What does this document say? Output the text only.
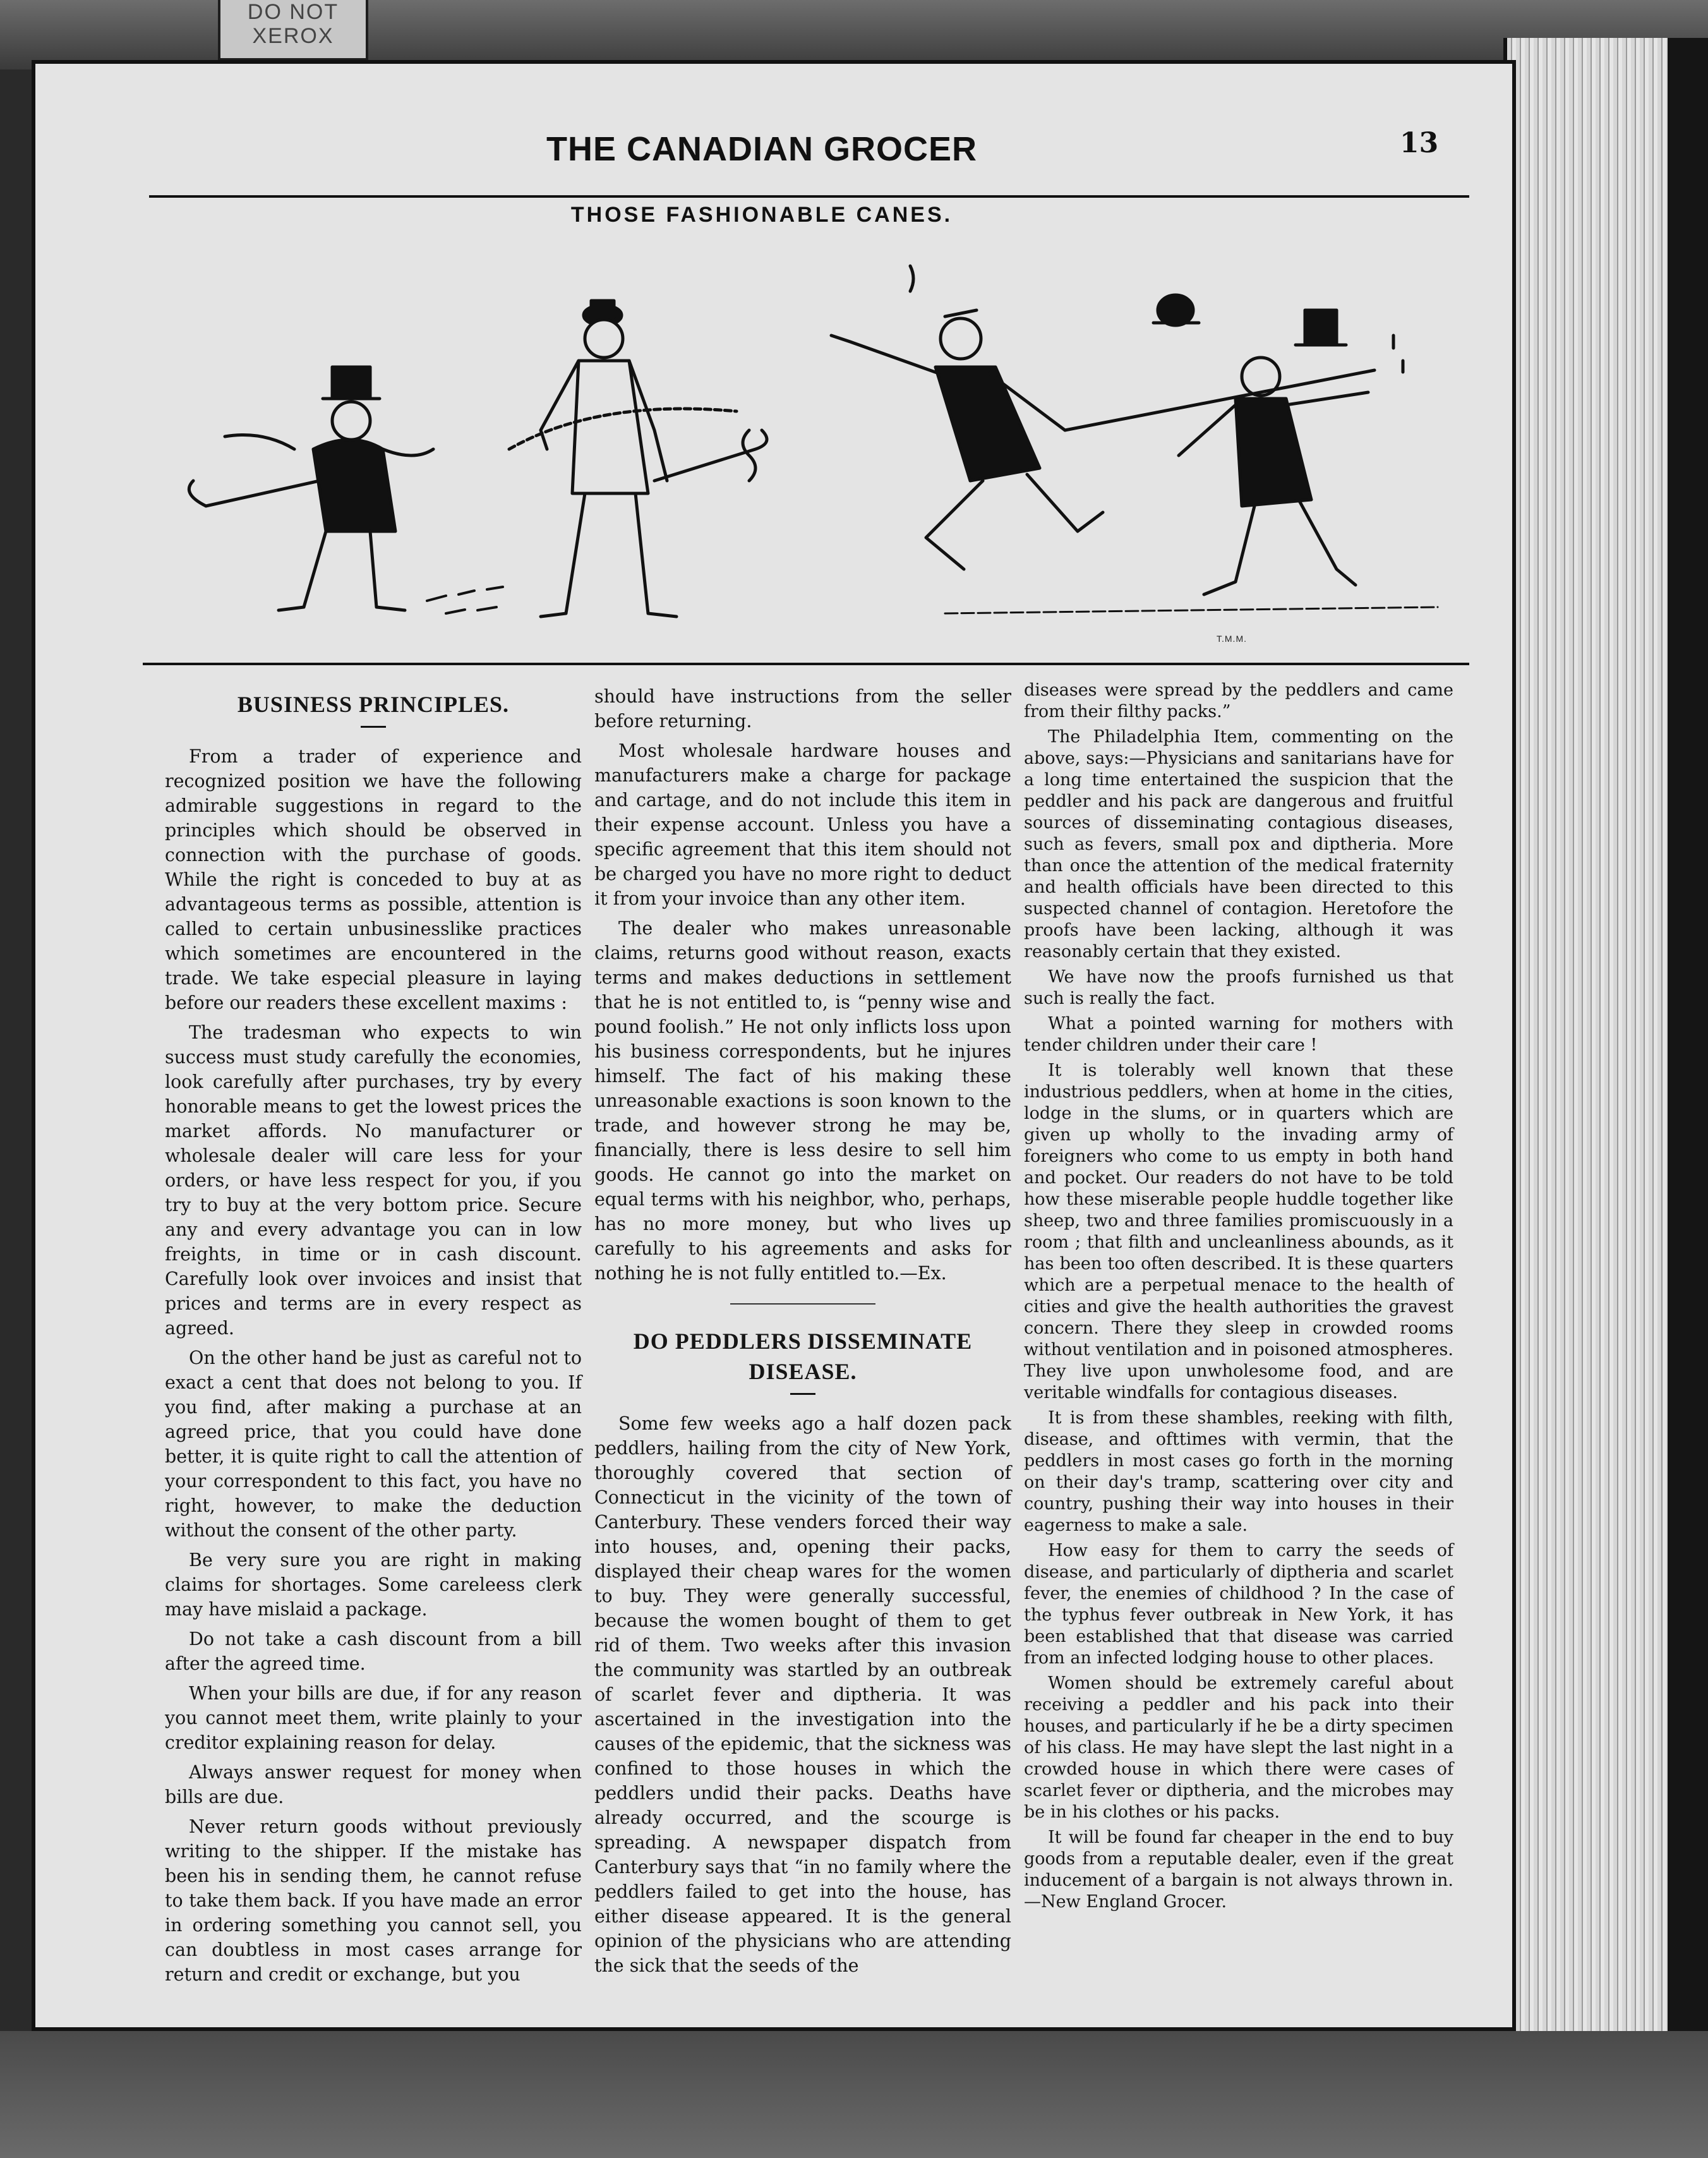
DO NOT
XEROX
THE CANADIAN GROCER	13
THOSE FASHIONABLE CANES.
T.M.M.
BUSINESS PRINCIPLES.

From a trader of experience and recognized position we have the following admirable suggestions in regard to the principles which should be observed in connection with the purchase of goods. While the right is conceded to buy at as advantageous terms as possible, attention is called to certain unbusinesslike practices which sometimes are encountered in the trade. We take especial pleasure in laying before our readers these excellent maxims :

The tradesman who expects to win success must study carefully the economies, look carefully after purchases, try by every honorable means to get the lowest prices the market affords. No manufacturer or wholesale dealer will care less for your orders, or have less respect for you, if you try to buy at the very bottom price. Secure any and every advantage you can in low freights, in time or in cash discount. Carefully look over invoices and insist that prices and terms are in every respect as agreed.

On the other hand be just as careful not to exact a cent that does not belong to you. If you find, after making a purchase at an agreed price, that you could have done better, it is quite right to call the attention of your correspondent to this fact, you have no right, however, to make the deduction without the consent of the other party.

Be very sure you are right in making claims for shortages. Some careleess clerk may have mislaid a package.

Do not take a cash discount from a bill after the agreed time.

When your bills are due, if for any reason you cannot meet them, write plainly to your creditor explaining reason for delay.

Always answer request for money when bills are due.

Never return goods without previously writing to the shipper. If the mistake has been his in sending them, he cannot refuse to take them back. If you have made an error in ordering something you cannot sell, you can doubtless in most cases arrange for return and credit or exchange, but you

should have instructions from the seller before returning.

Most wholesale hardware houses and manufacturers make a charge for package and cartage, and do not include this item in their expense account. Unless you have a specific agreement that this item should not be charged you have no more right to deduct it from your invoice than any other item.

The dealer who makes unreasonable claims, returns good without reason, exacts terms and makes deductions in settlement that he is not entitled to, is “penny wise and pound foolish.” He not only inflicts loss upon his business correspondents, but he injures himself. The fact of his making these unreasonable exactions is soon known to the trade, and however strong he may be, financially, there is less desire to sell him goods. He cannot go into the market on equal terms with his neighbor, who, perhaps, has no more money, but who lives up carefully to his agreements and asks for nothing he is not fully entitled to.—Ex.

DO PEDDLERS DISSEMINATE DISEASE.

Some few weeks ago a half dozen pack peddlers, hailing from the city of New York, thoroughly covered that section of Connecticut in the vicinity of the town of Canterbury. These venders forced their way into houses, and, opening their packs, displayed their cheap wares for the women to buy. They were generally successful, because the women bought of them to get rid of them. Two weeks after this invasion the community was startled by an outbreak of scarlet fever and diptheria. It was ascertained in the investigation into the causes of the epidemic, that the sickness was confined to those houses in which the peddlers undid their packs. Deaths have already occurred, and the scourge is spreading. A newspaper dispatch from Canterbury says that “in no family where the peddlers failed to get into the house, has either disease appeared. It is the general opinion of the physicians who are attending the sick that the seeds of the

diseases were spread by the peddlers and came from their filthy packs.”

The Philadelphia Item, commenting on the above, says:—Physicians and sanitarians have for a long time entertained the suspicion that the peddler and his pack are dangerous and fruitful sources of disseminating contagious diseases, such as fevers, small pox and diptheria. More than once the attention of the medical fraternity and health officials have been directed to this suspected channel of contagion. Heretofore the proofs have been lacking, although it was reasonably certain that they existed.

We have now the proofs furnished us that such is really the fact.

What a pointed warning for mothers with tender children under their care !

It is tolerably well known that these industrious peddlers, when at home in the cities, lodge in the slums, or in quarters which are given up wholly to the invading army of foreigners who come to us empty in both hand and pocket. Our readers do not have to be told how these miserable people huddle together like sheep, two and three families promiscuously in a room ; that filth and uncleanliness abounds, as it has been too often described. It is these quarters which are a perpetual menace to the health of cities and give the health authorities the gravest concern. There they sleep in crowded rooms without ventilation and in poisoned atmospheres. They live upon unwholesome food, and are veritable windfalls for contagious diseases.

It is from these shambles, reeking with filth, disease, and ofttimes with vermin, that the peddlers in most cases go forth in the morning on their day's tramp, scattering over city and country, pushing their way into houses in their eagerness to make a sale.

How easy for them to carry the seeds of disease, and particularly of diptheria and scarlet fever, the enemies of childhood ? In the case of the typhus fever outbreak in New York, it has been established that that disease was carried from an infected lodging house to other places.

Women should be extremely careful about receiving a peddler and his pack into their houses, and particularly if he be a dirty specimen of his class. He may have slept the last night in a crowded house in which there were cases of scarlet fever or diptheria, and the microbes may be in his clothes or his packs.

It will be found far cheaper in the end to buy goods from a reputable dealer, even if the great inducement of a bargain is not always thrown in.—New England Grocer.
